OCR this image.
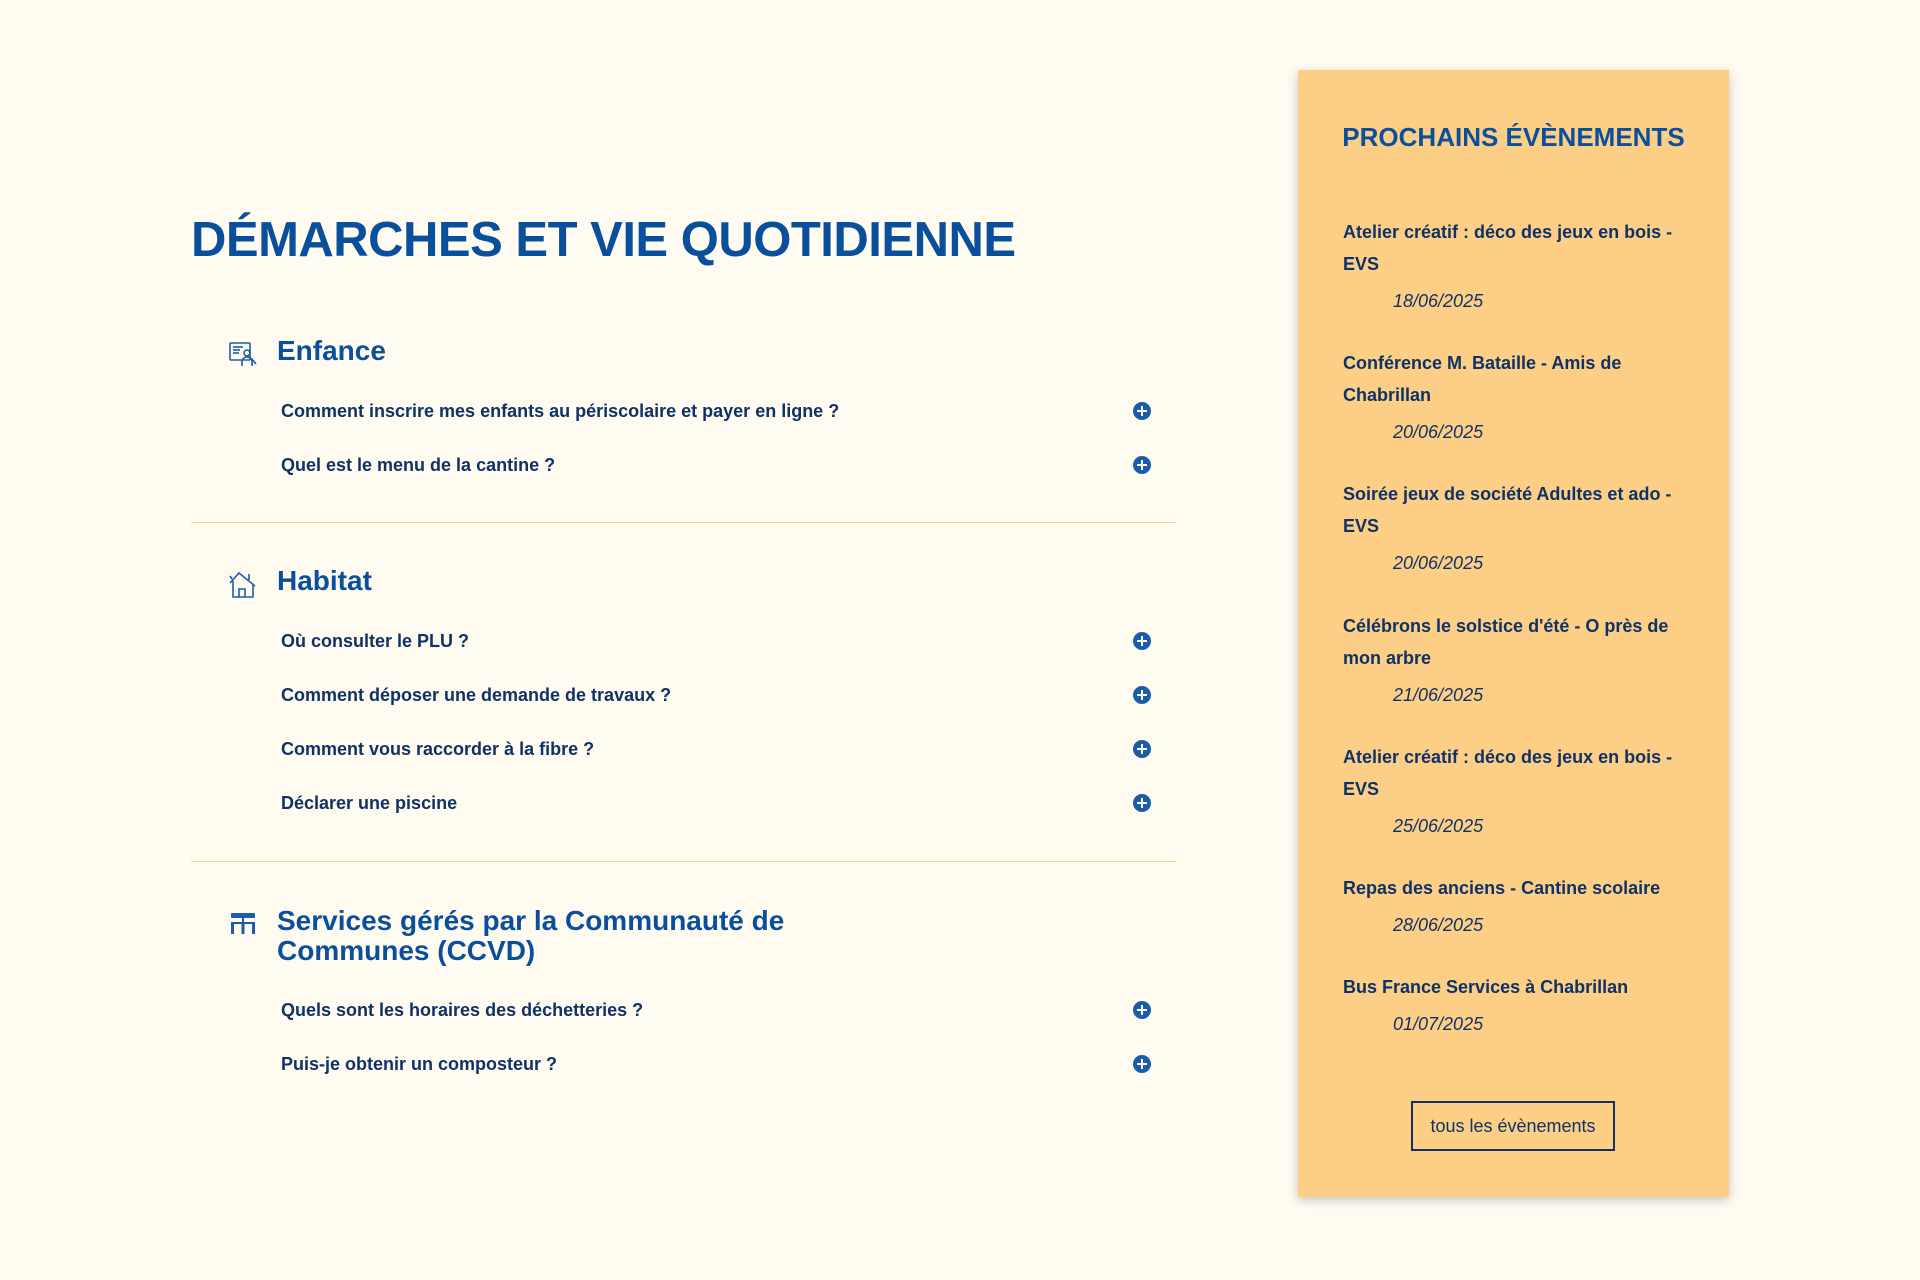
DÉMARCHES ET VIE QUOTIDIENNE
Enfance
Comment inscrire mes enfants au périscolaire et payer en ligne ?
Quel est le menu de la cantine ?
Habitat
Où consulter le PLU ?
Comment déposer une demande de travaux ?
Comment vous raccorder à la fibre ?
Déclarer une piscine
Services gérés par la Communauté de Communes (CCVD)
Quels sont les horaires des déchetteries ?
Puis-je obtenir un composteur ?
PROCHAINS ÉVÈNEMENTS
Atelier créatif : déco des jeux en bois - EVS
18/06/2025
Conférence M. Bataille - Amis de Chabrillan
20/06/2025
Soirée jeux de société Adultes et ado - EVS
20/06/2025
Célébrons le solstice d'été - O près de mon arbre
21/06/2025
Atelier créatif : déco des jeux en bois - EVS
25/06/2025
Repas des anciens - Cantine scolaire
28/06/2025
Bus France Services à Chabrillan
01/07/2025
tous les évènements
